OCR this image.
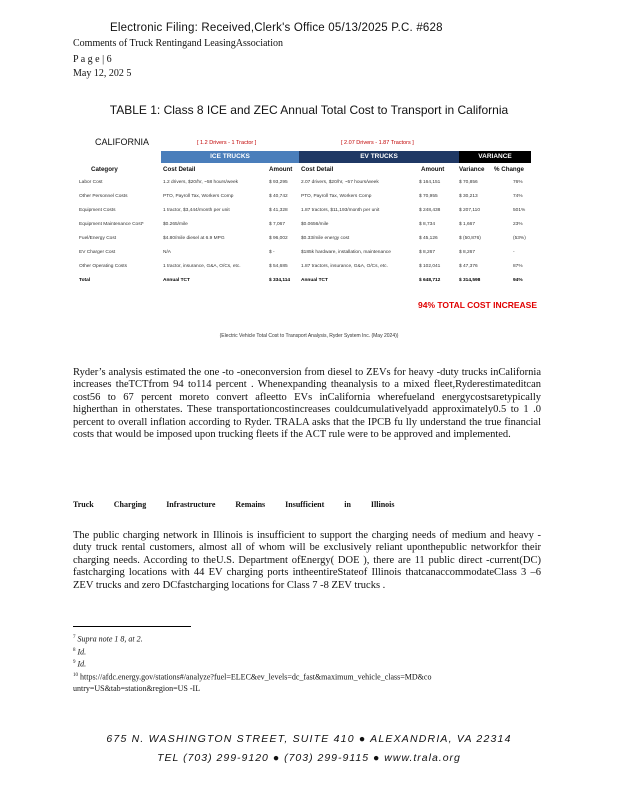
Electronic Filing: Received,Clerk's Office 05/13/2025 P.C. #628
Comments of Truck Rentingand LeasingAssociation
P a g e | 6
May 12, 202 5
TABLE 1: Class 8 ICE and ZEC Annual Total Cost to Transport in California
CALIFORNIA	[ 1.2 Drivers - 1 Tractor ]	[ 2.07 Drivers - 1.87 Tractors ]
ICE TRUCKS	EV TRUCKS	VARIANCE
Category	Cost Detail	Amount Cost Detail	Amount Variance % Change
Labor Cost	1.2 drivers, $20/hr, ~58 hours/week	$ 93,295	2.07 drivers, $20/hr, ~57 hours/week	$ 164,151	$ 70,856	76%
Other Personnel Costs	PTO, Payroll Tax, Workers Comp	$ 40,742	PTO, Payroll Tax, Workers Comp	$ 70,955	$ 30,213	74%
Equipment Costs	1 tractor, $3,444/month per unit	$ 41,328	1.87 tractors, $11,193/month per unit	$ 248,438	$ 207,110	501%
Equipment Maintenance Cost*	$0.265/mile	$ 7,067	$0.0656/mile	$ 8,734	$ 1,667	23%
Fuel/Energy Cost	$4.80/mile diesel at 6.9 MPG	$ 96,002	$0.33/mile energy cost	$ 45,126	$ (50,876)	(53%)
EV Charger Cost	N/A	$ -	$185k hardware, installation, maintenance	$ 8,267	$ 8,267	-
Other Operating Costs	1 tractor, insurance, G&A, O/Cs, etc.	$ 54,685	1.87 tractors, insurance, G&A, O/Cs, etc.	$ 102,041	$ 47,376	87%
Total	Annual TCT	$ 334,114 Annual TCT	$ 648,712	$ 314,598	94%
94% TOTAL COST INCREASE
(Electric Vehicle Total Cost to Transport Analysis, Ryder System Inc. (May 2024))
Ryder’s analysis estimated the one -to -oneconversion from diesel to ZEVs for heavy -duty trucks inCalifornia increases theTCTfrom 94 to114 percent . Whenexpanding theanalysis to a mixed fleet,Ryderestimateditcan cost56 to 67 percent moreto convert afleetto EVs inCalifornia wherefueland energycostsaretypically higherthan in otherstates. These transportationcostincreases couldcumulativelyadd approximately0.5 to 1 .0 percent to overall inflation according to Ryder. TRALA asks that the IPCB fu lly understand the true financial costs that would be imposed upon trucking fleets if the ACT rule were to be approved and implemented.
Truck Charging Infrastructure Remains Insufficient in Illinois
The public charging network in Illinois is insufficient to support the charging needs of medium and heavy -duty truck rental customers, almost all of whom will be exclusively reliant uponthepublic networkfor their charging needs. According to theU.S. Department ofEnergy( DOE ), there are 11 public direct -current(DC) fastcharging locations with 44 EV charging ports intheentireStateof Illinois thatcanaccommodateClass 3 –6 ZEV trucks and zero DCfastcharging locations for Class 7 -8 ZEV trucks .
$^7$ Supra note 1 8, at 2.
$^8$ Id.
$^9$ Id.
$^{10}$ https://afdc.energy.gov/stations#/analyze?fuel=ELEC&ev_levels=dc_fast&maximum_vehicle_class=MD&co untry=US&tab=station&region=US -IL
675 N. WASHINGTON STREET, SUITE 410 ● ALEXANDRIA, VA 22314
TEL (703) 299-9120 ● (703) 299-9115 ● www.trala.org
